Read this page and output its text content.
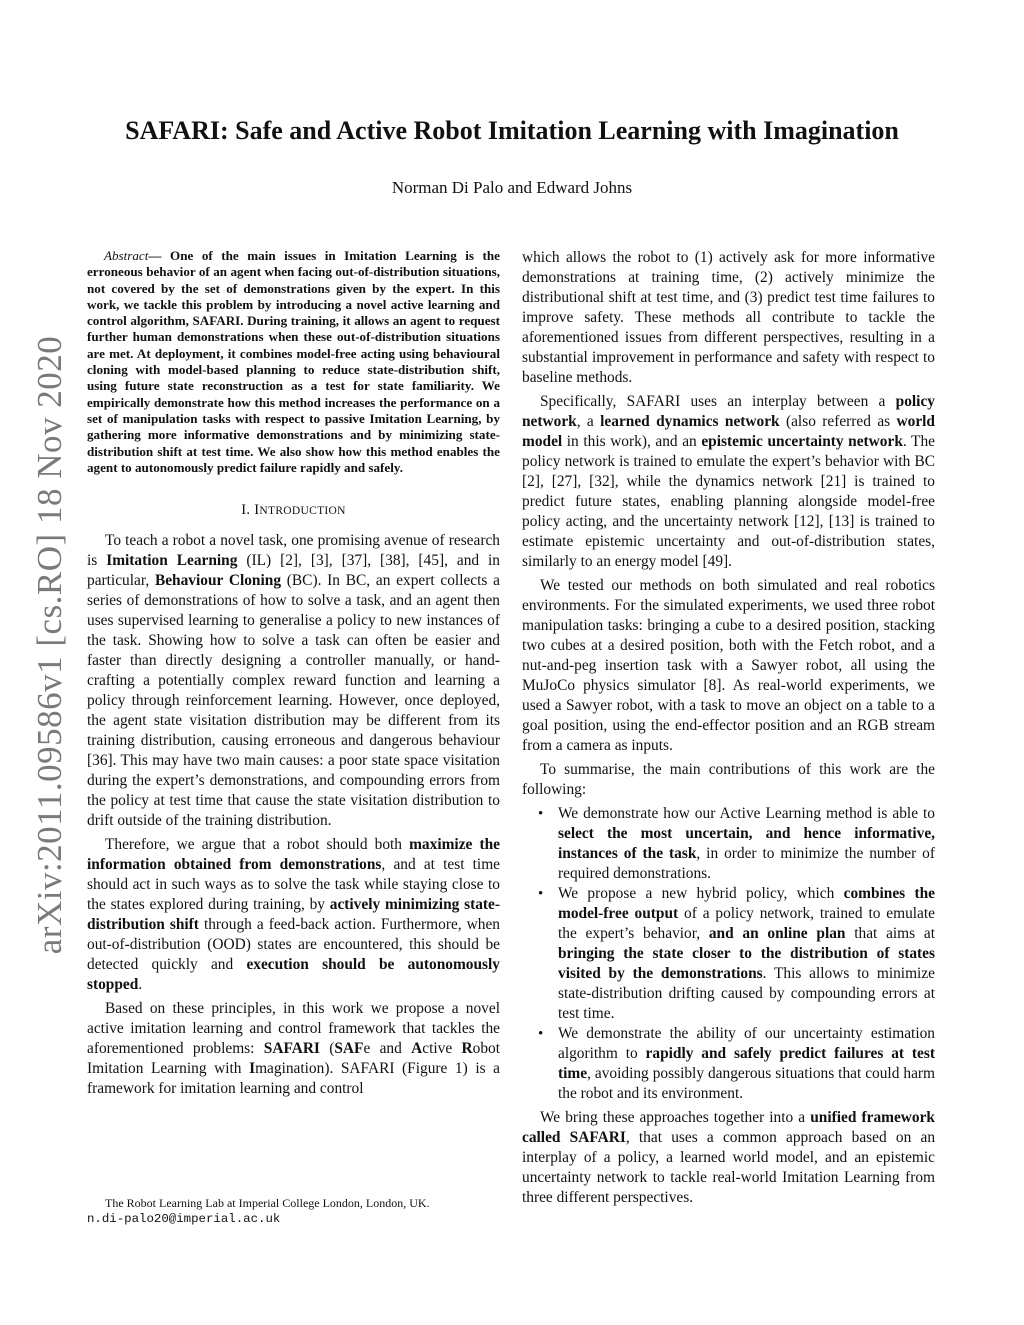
arXiv:2011.09586v1 [cs.RO] 18 Nov 2020
SAFARI: Safe and Active Robot Imitation Learning with Imagination
Norman Di Palo and Edward Johns

Abstract— One of the main issues in Imitation Learning is the erroneous behavior of an agent when facing out-of-distribution situations, not covered by the set of demonstrations given by the expert. In this work, we tackle this problem by introducing a novel active learning and control algorithm, SAFARI. During training, it allows an agent to request further human demonstrations when these out-of-distribution situations are met. At deployment, it combines model-free acting using behavioural cloning with model-based planning to reduce state-distribution shift, using future state reconstruction as a test for state familiarity. We empirically demonstrate how this method increases the performance on a set of manipulation tasks with respect to passive Imitation Learning, by gathering more informative demonstrations and by minimizing state-distribution shift at test time. We also show how this method enables the agent to autonomously predict failure rapidly and safely.

I. INTRODUCTION

To teach a robot a novel task, one promising avenue of research is Imitation Learning (IL) [2], [3], [37], [38], [45], and in particular, Behaviour Cloning (BC). In BC, an expert collects a series of demonstrations of how to solve a task, and an agent then uses supervised learning to generalise a policy to new instances of the task. Showing how to solve a task can often be easier and faster than directly designing a controller manually, or hand-crafting a potentially complex reward function and learning a policy through reinforcement learning. However, once deployed, the agent state visitation distribution may be different from its training distribution, causing erroneous and dangerous behaviour [36]. This may have two main causes: a poor state space visitation during the expert’s demonstrations, and compounding errors from the policy at test time that cause the state visitation distribution to drift outside of the training distribution.

Therefore, we argue that a robot should both maximize the information obtained from demonstrations, and at test time should act in such ways as to solve the task while staying close to the states explored during training, by actively minimizing state-distribution shift through a feed-back action. Furthermore, when out-of-distribution (OOD) states are encountered, this should be detected quickly and execution should be autonomously stopped.

Based on these principles, in this work we propose a novel active imitation learning and control framework that tackles the aforementioned problems: SAFARI (SAFe and Active Robot Imitation Learning with Imagination). SAFARI (Figure 1) is a framework for imitation learning and control

The Robot Learning Lab at Imperial College London, London, UK.
n.di-palo20@imperial.ac.uk

which allows the robot to (1) actively ask for more informative demonstrations at training time, (2) actively minimize the distributional shift at test time, and (3) predict test time failures to improve safety. These methods all contribute to tackle the aforementioned issues from different perspectives, resulting in a substantial improvement in performance and safety with respect to baseline methods.

Specifically, SAFARI uses an interplay between a policy network, a learned dynamics network (also referred as world model in this work), and an epistemic uncertainty network. The policy network is trained to emulate the expert’s behavior with BC [2], [27], [32], while the dynamics network [21] is trained to predict future states, enabling planning alongside model-free policy acting, and the uncertainty network [12], [13] is trained to estimate epistemic uncertainty and out-of-distribution states, similarly to an energy model [49].

We tested our methods on both simulated and real robotics environments. For the simulated experiments, we used three robot manipulation tasks: bringing a cube to a desired position, stacking two cubes at a desired position, both with the Fetch robot, and a nut-and-peg insertion task with a Sawyer robot, all using the MuJoCo physics simulator [8]. As real-world experiments, we used a Sawyer robot, with a task to move an object on a table to a goal position, using the end-effector position and an RGB stream from a camera as inputs.

To summarise, the main contributions of this work are the following:

• We demonstrate how our Active Learning method is able to select the most uncertain, and hence informative, instances of the task, in order to minimize the number of required demonstrations.
• We propose a new hybrid policy, which combines the model-free output of a policy network, trained to emulate the expert’s behavior, and an online plan that aims at bringing the state closer to the distribution of states visited by the demonstrations. This allows to minimize state-distribution drifting caused by compounding errors at test time.
• We demonstrate the ability of our uncertainty estimation algorithm to rapidly and safely predict failures at test time, avoiding possibly dangerous situations that could harm the robot and its environment.

We bring these approaches together into a unified framework called SAFARI, that uses a common approach based on an interplay of a policy, a learned world model, and an epistemic uncertainty network to tackle real-world Imitation Learning from three different perspectives.
